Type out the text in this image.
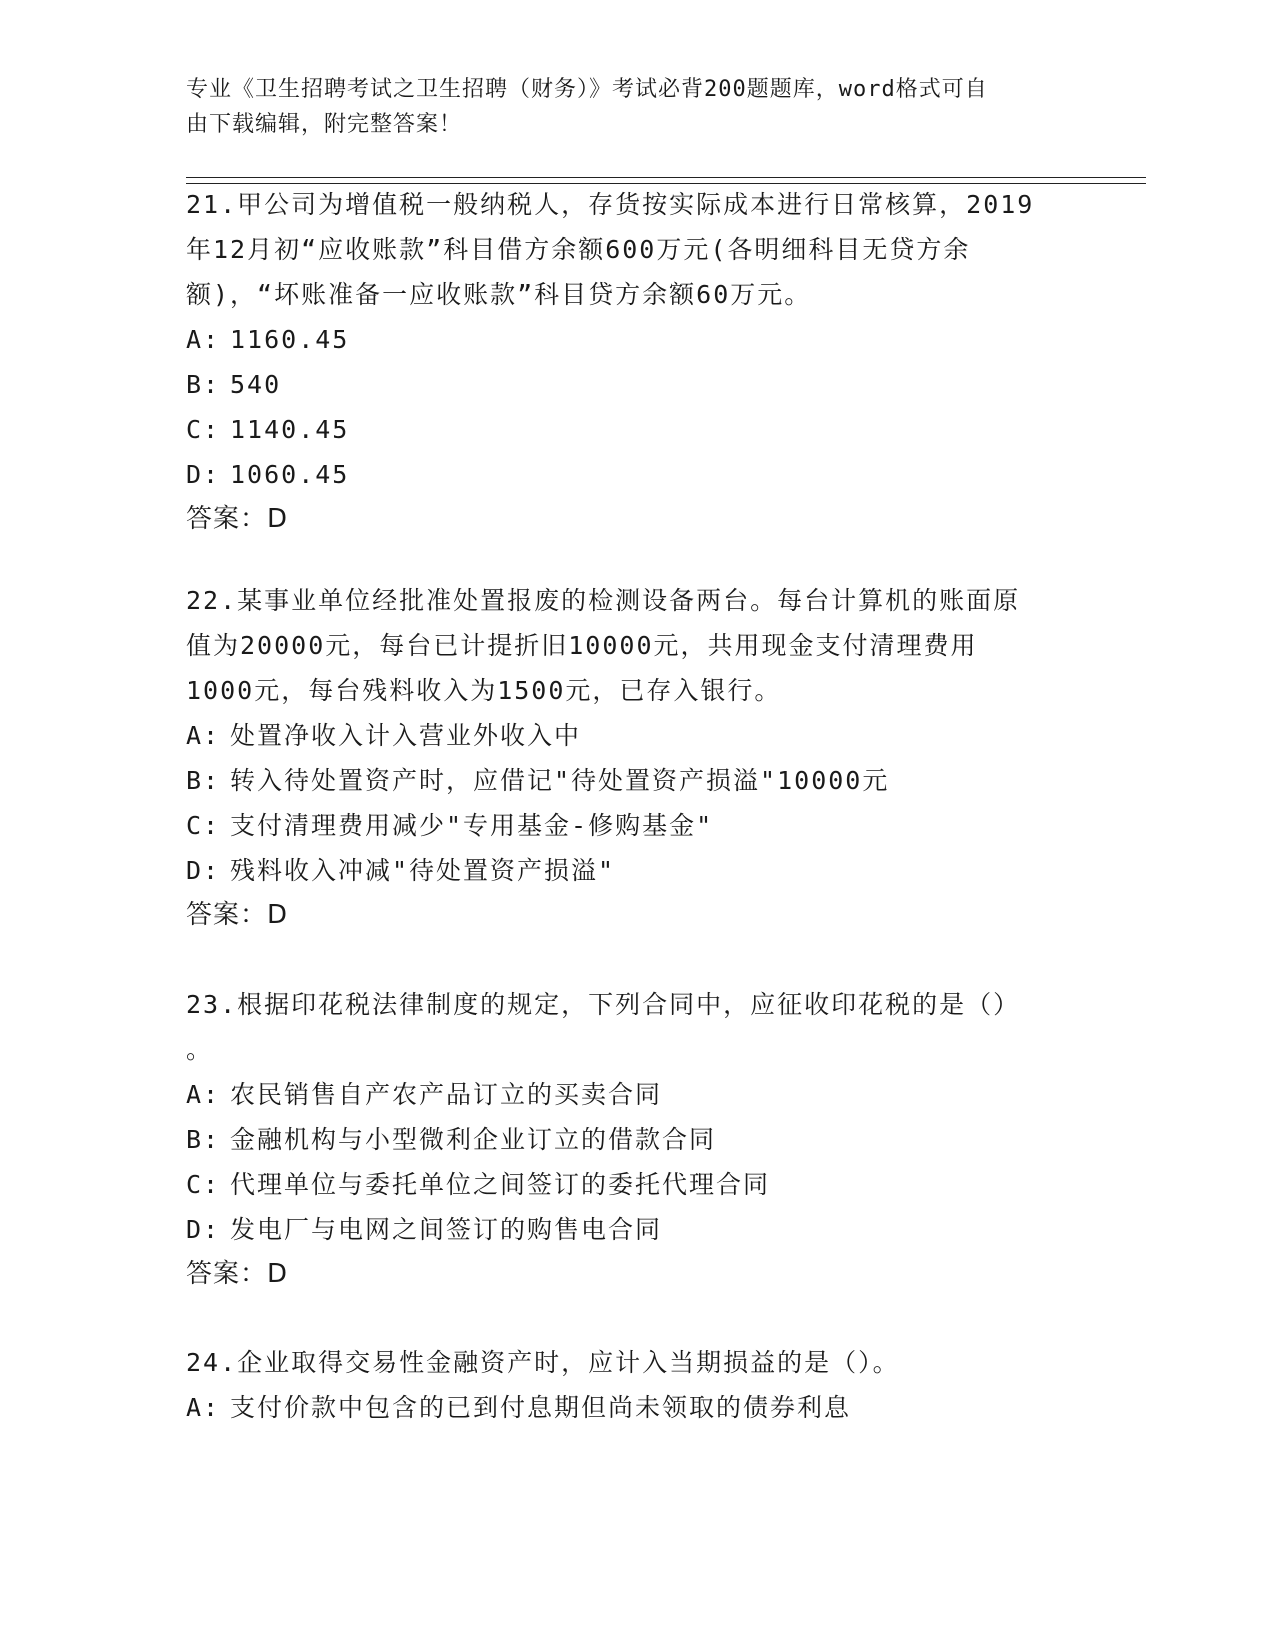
专业《卫生招聘考试之卫生招聘（财务）》考试必背200题题库，word格式可自
由下载编辑，附完整答案！

21.甲公司为增值税一般纳税人，存货按实际成本进行日常核算，2019

年12月初“应收账款”科目借方余额600万元(各明细科目无贷方余

额)，“坏账准备一应收账款”科目贷方余额60万元。

A: 1160.45

B: 540

C: 1140.45

D: 1060.45

答案：D

22.某事业单位经批准处置报废的检测设备两台。每台计算机的账面原

值为20000元，每台已计提折旧10000元，共用现金支付清理费用

1000元，每台残料收入为1500元，已存入银行。

A: 处置净收入计入营业外收入中

B: 转入待处置资产时，应借记"待处置资产损溢"10000元

C: 支付清理费用减少"专用基金-修购基金"

D: 残料收入冲减"待处置资产损溢"

答案：D

23.根据印花税法律制度的规定，下列合同中，应征收印花税的是（）

。

A: 农民销售自产农产品订立的买卖合同

B: 金融机构与小型微利企业订立的借款合同

C: 代理单位与委托单位之间签订的委托代理合同

D: 发电厂与电网之间签订的购售电合同

答案：D

24.企业取得交易性金融资产时，应计入当期损益的是（）。

A: 支付价款中包含的已到付息期但尚未领取的债券利息
